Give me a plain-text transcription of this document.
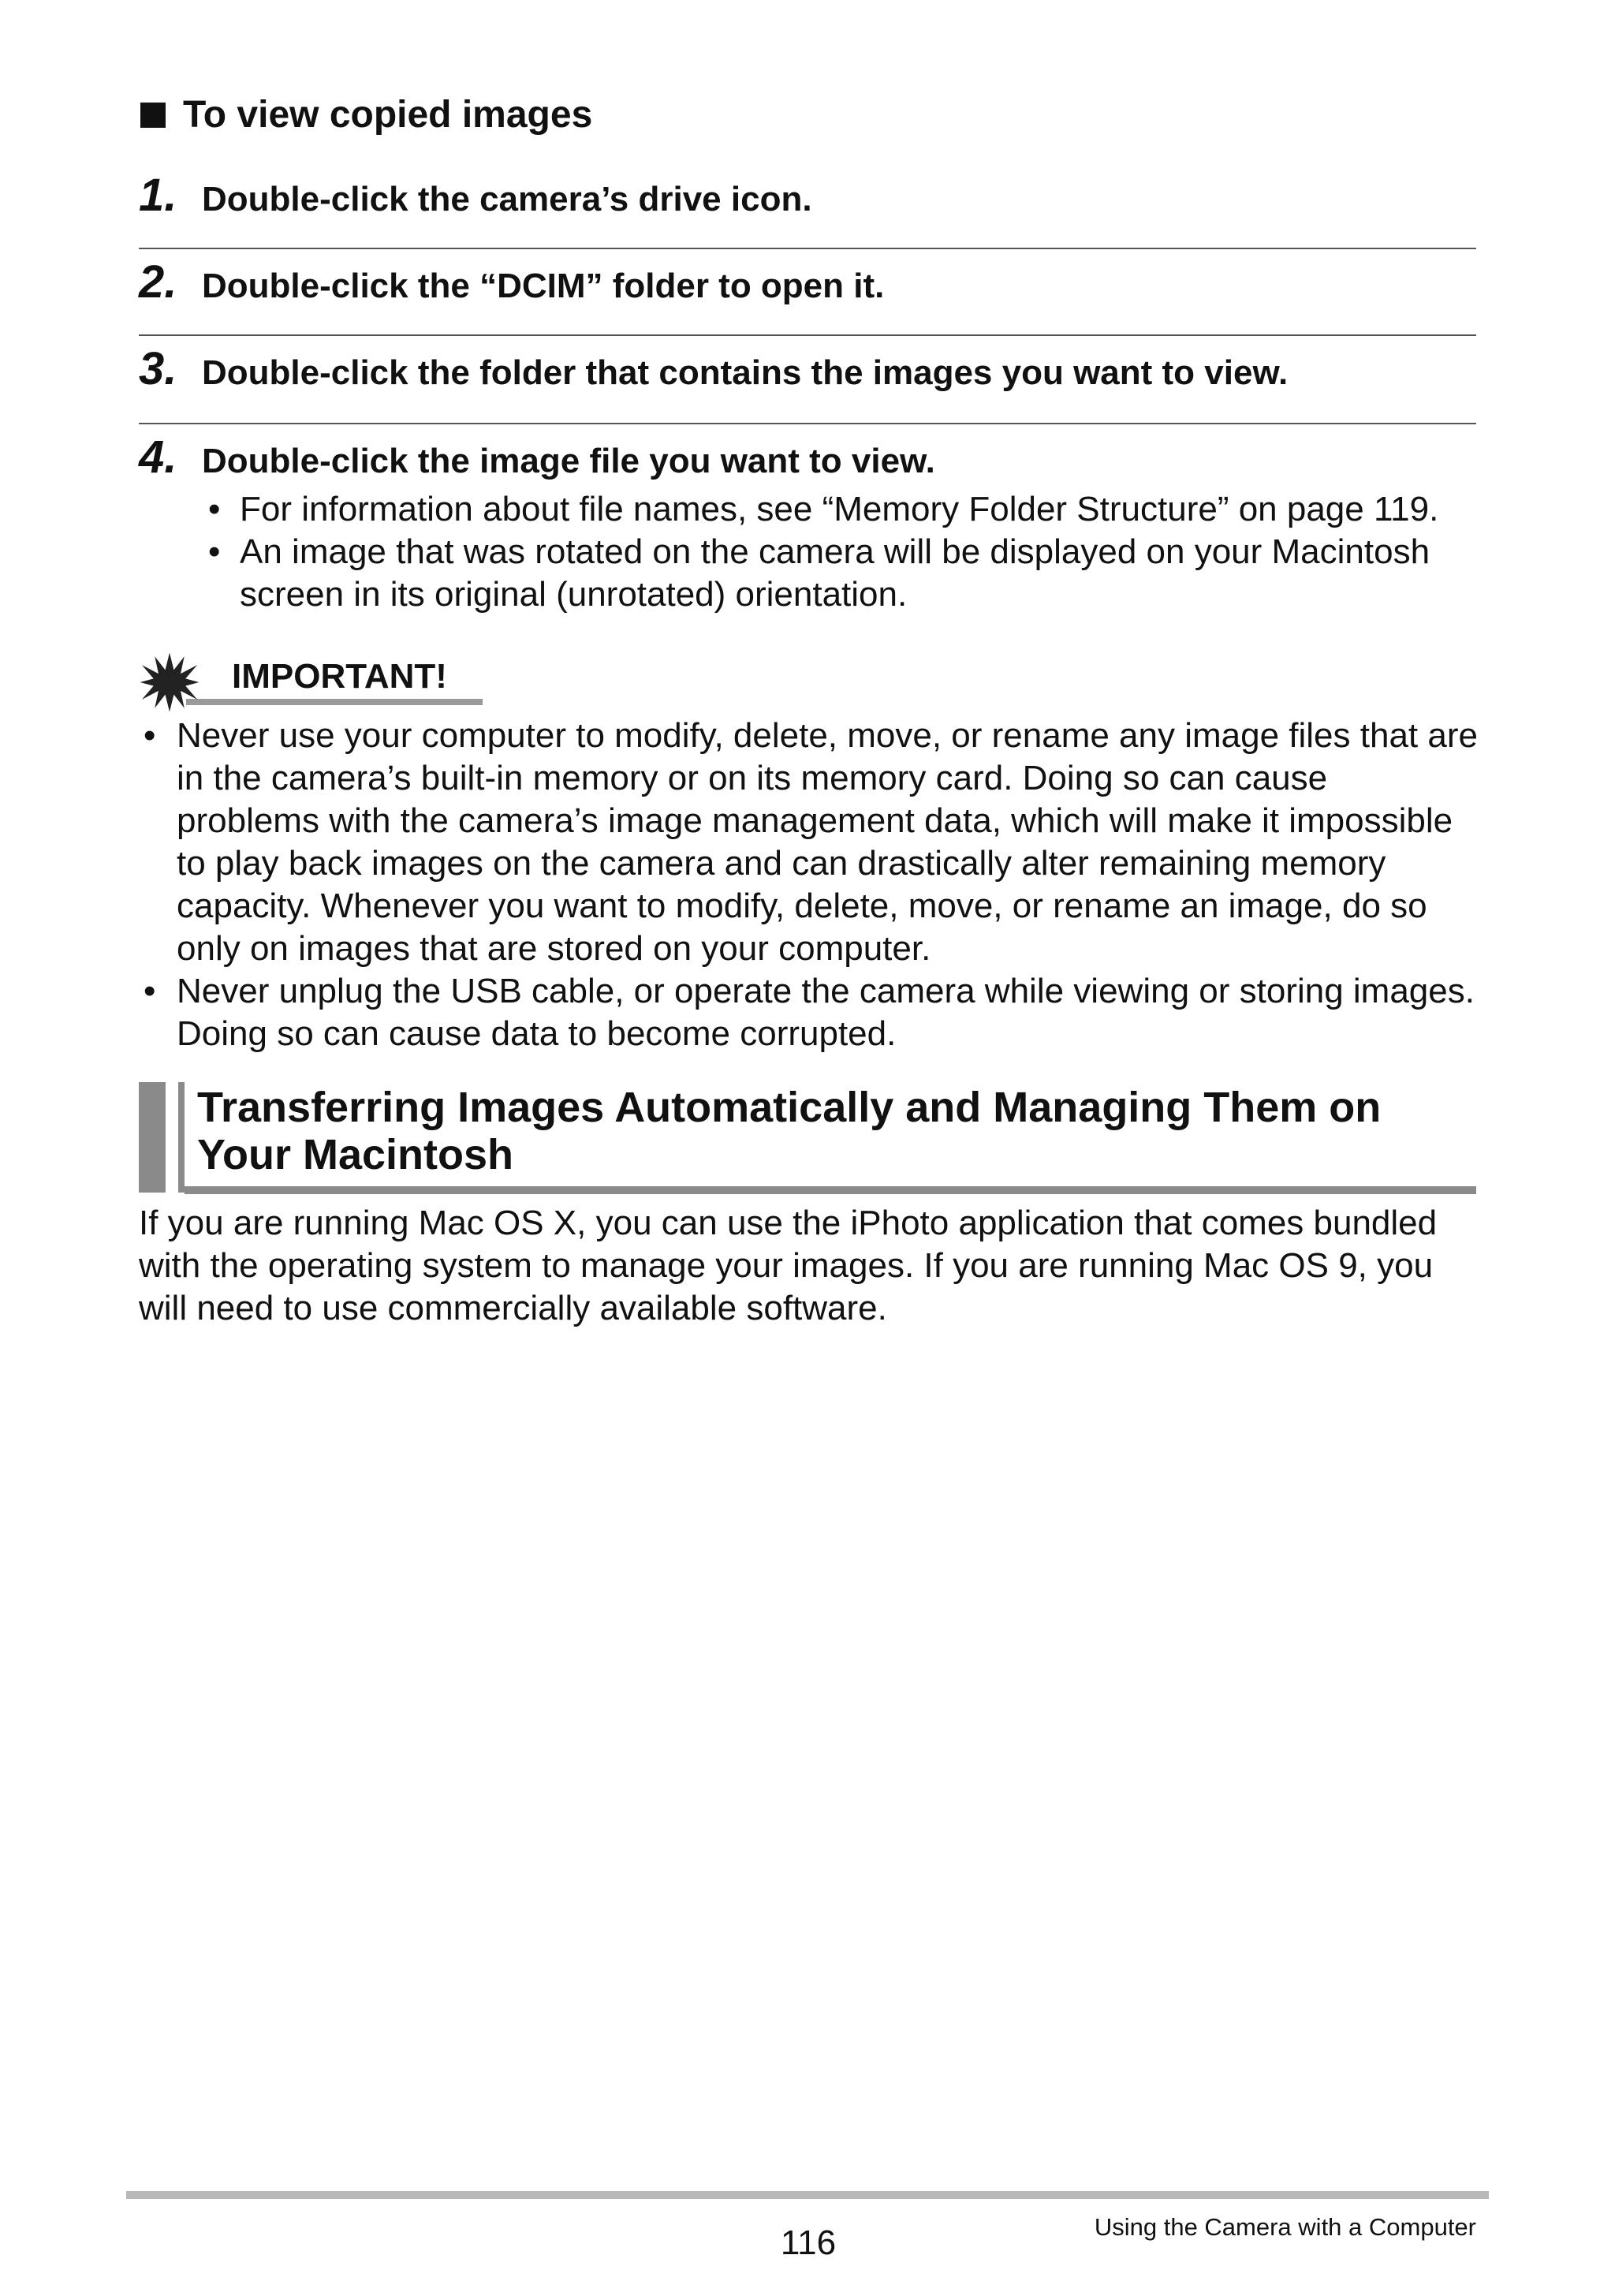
To view copied images
1. Double-click the camera’s drive icon.
2. Double-click the “DCIM” folder to open it.
3. Double-click the folder that contains the images you want to view.
4. Double-click the image file you want to view.
• For information about file names, see “Memory Folder Structure” on page 119.
• An image that was rotated on the camera will be displayed on your Macintosh screen in its original (unrotated) orientation.
IMPORTANT!
• Never use your computer to modify, delete, move, or rename any image files that are in the camera’s built-in memory or on its memory card. Doing so can cause problems with the camera’s image management data, which will make it impossible to play back images on the camera and can drastically alter remaining memory capacity. Whenever you want to modify, delete, move, or rename an image, do so only on images that are stored on your computer.
• Never unplug the USB cable, or operate the camera while viewing or storing images. Doing so can cause data to become corrupted.
Transferring Images Automatically and Managing Them on Your Macintosh

If you are running Mac OS X, you can use the iPhoto application that comes bundled with the operating system to manage your images. If you are running Mac OS 9, you will need to use commercially available software.

116	Using the Camera with a Computer
